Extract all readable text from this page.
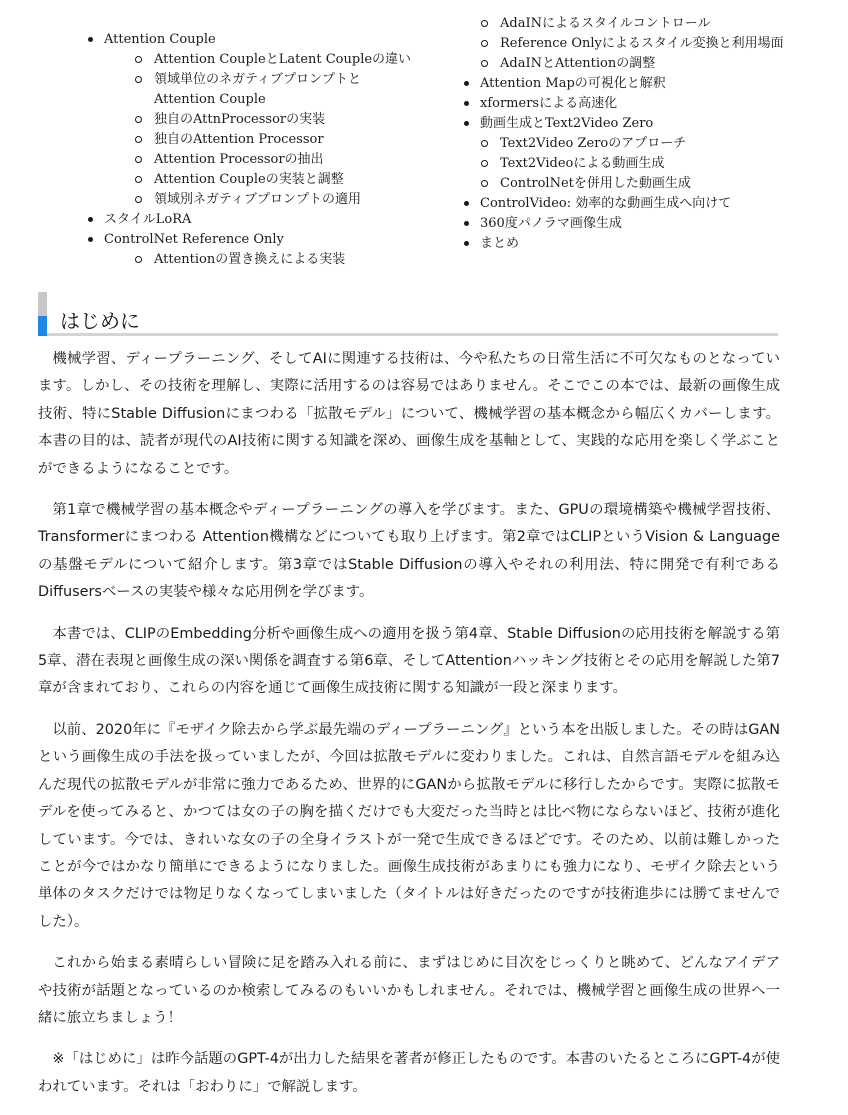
Attention Couple
Attention CoupleとLatent Coupleの違い
領域単位のネガティブプロンプトとAttention Couple
独自のAttnProcessorの実装
独自のAttention Processor
Attention Processorの抽出
Attention Coupleの実装と調整
領域別ネガティブプロンプトの適用
スタイルLoRA
ControlNet Reference Only
Attentionの置き換えによる実装
AdaINによるスタイルコントロール
Reference Onlyによるスタイル変換と利用場面
AdaINとAttentionの調整
Attention Mapの可視化と解釈
xformersによる高速化
動画生成とText2Video Zero
Text2Video Zeroのアプローチ
Text2Videoによる動画生成
ControlNetを併用した動画生成
ControlVideo: 効率的な動画生成へ向けて
360度パノラマ画像生成
まとめ
はじめに

機械学習、ディープラーニング、そしてAIに関連する技術は、今や私たちの日常生活に不可欠なものとなっています。しかし、その技術を理解し、実際に活用するのは容易ではありません。そこでこの本では、最新の画像生成技術、特にStable Diffusionにまつわる「拡散モデル」について、機械学習の基本概念から幅広くカバーします。本書の目的は、読者が現代のAI技術に関する知識を深め、画像生成を基軸として、実践的な応用を楽しく学ぶことができるようになることです。

第1章で機械学習の基本概念やディープラーニングの導入を学びます。また、GPUの環境構築や機械学習技術、Transformerにまつわる Attention機構などについても取り上げます。第2章ではCLIPというVision & Languageの基盤モデルについて紹介します。第3章ではStable Diffusionの導入やそれの利用法、特に開発で有利であるDiffusersベースの実装や様々な応用例を学びます。

本書では、CLIPのEmbedding分析や画像生成への適用を扱う第4章、Stable Diffusionの応用技術を解説する第5章、潜在表現と画像生成の深い関係を調査する第6章、そしてAttentionハッキング技術とその応用を解説した第7章が含まれており、これらの内容を通じて画像生成技術に関する知識が一段と深まります。

以前、2020年に『モザイク除去から学ぶ最先端のディープラーニング』という本を出版しました。その時はGANという画像生成の手法を扱っていましたが、今回は拡散モデルに変わりました。これは、自然言語モデルを組み込んだ現代の拡散モデルが非常に強力であるため、世界的にGANから拡散モデルに移行したからです。実際に拡散モデルを使ってみると、かつては女の子の胸を描くだけでも大変だった当時とは比べ物にならないほど、技術が進化しています。今では、きれいな女の子の全身イラストが一発で生成できるほどです。そのため、以前は難しかったことが今ではかなり簡単にできるようになりました。画像生成技術があまりにも強力になり、モザイク除去という単体のタスクだけでは物足りなくなってしまいました（タイトルは好きだったのですが技術進歩には勝てませんでした）。

これから始まる素晴らしい冒険に足を踏み入れる前に、まずはじめに目次をじっくりと眺めて、どんなアイデアや技術が話題となっているのか検索してみるのもいいかもしれません。それでは、機械学習と画像生成の世界へ一緒に旅立ちましょう！

※「はじめに」は昨今話題のGPT-4が出力した結果を著者が修正したものです。本書のいたるところにGPT-4が使われています。それは「おわりに」で解説します。
